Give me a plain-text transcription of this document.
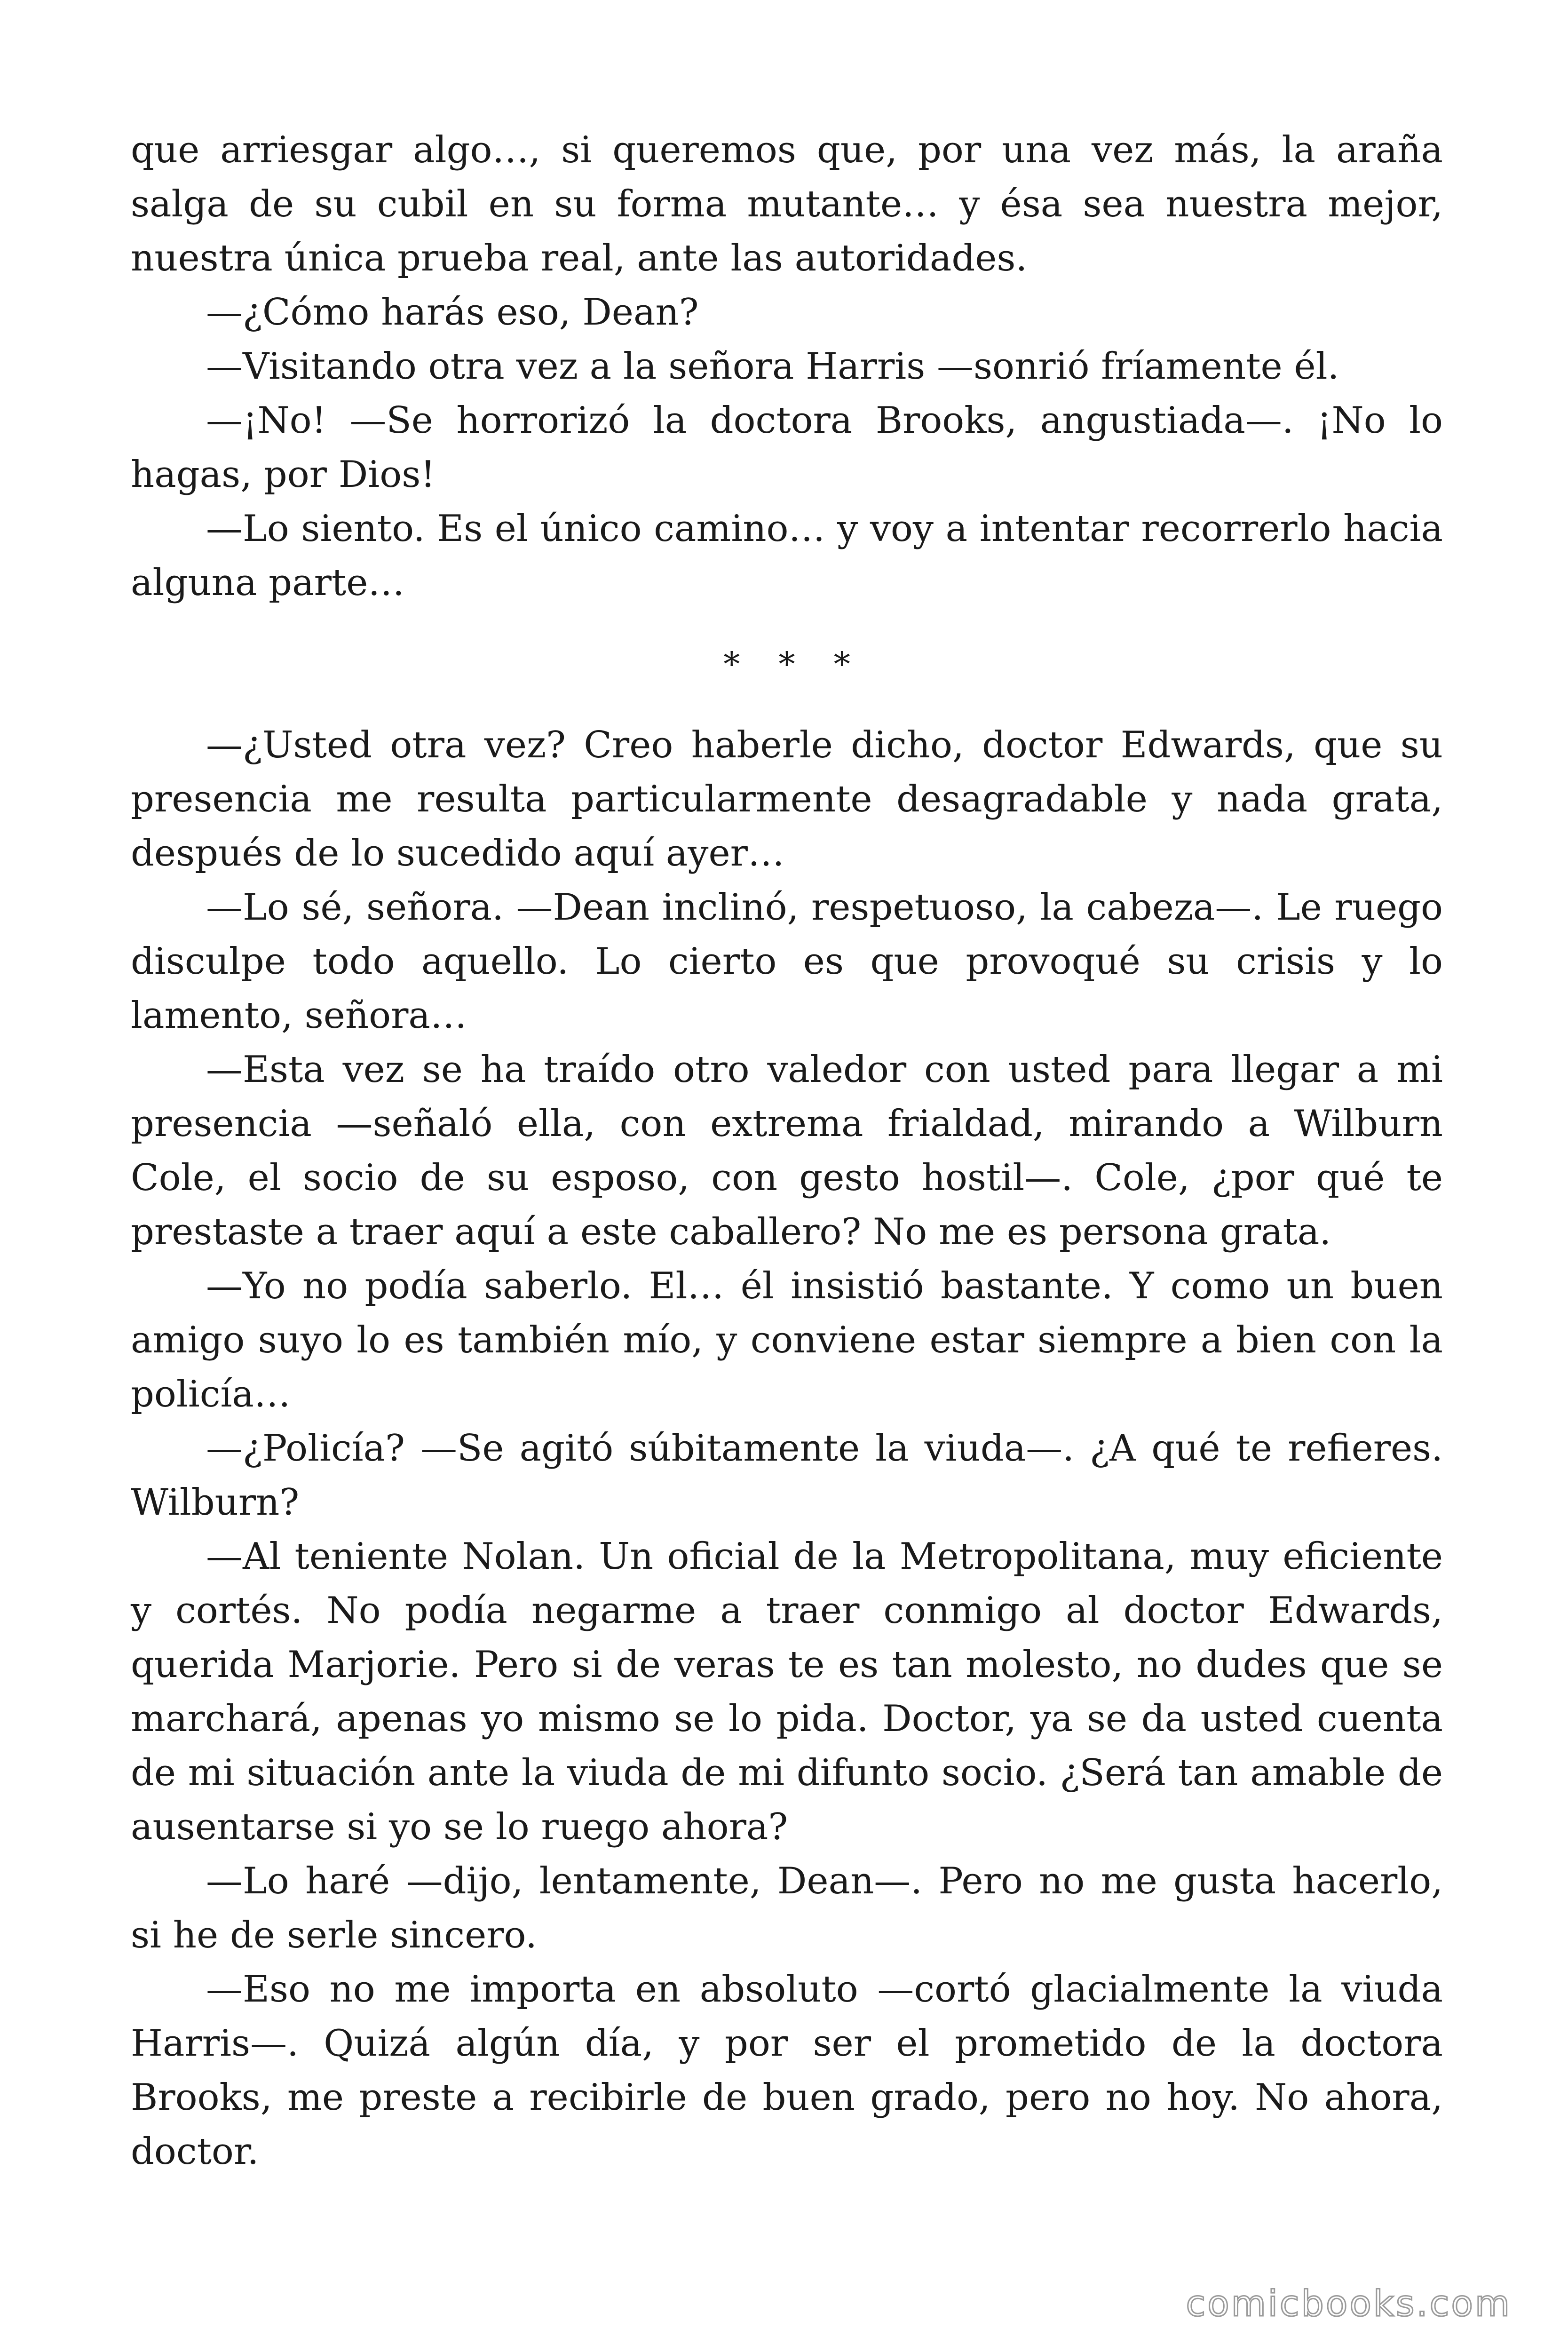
que arriesgar algo…, si queremos que, por una vez más, la araña salga de su cubil en su forma mutante… y ésa sea nuestra mejor, nuestra única prueba real, ante las autoridades.

—¿Cómo harás eso, Dean?

—Visitando otra vez a la señora Harris —sonrió fríamente él.

—¡No! —Se horrorizó la doctora Brooks, angustiada—. ¡No lo hagas, por Dios!

—Lo siento. Es el único camino… y voy a intentar recorrerlo hacia alguna parte…

* * *

—¿Usted otra vez? Creo haberle dicho, doctor Edwards, que su presencia me resulta particularmente desagradable y nada grata, después de lo sucedido aquí ayer…

—Lo sé, señora. —Dean inclinó, respetuoso, la cabeza—. Le ruego disculpe todo aquello. Lo cierto es que provoqué su crisis y lo lamento, señora…

—Esta vez se ha traído otro valedor con usted para llegar a mi presencia —señaló ella, con extrema frialdad, mirando a Wilburn Cole, el socio de su esposo, con gesto hostil—. Cole, ¿por qué te prestaste a traer aquí a este caballero? No me es persona grata.

—Yo no podía saberlo. El… él insistió bastante. Y como un buen amigo suyo lo es también mío, y conviene estar siempre a bien con la policía…

—¿Policía? —Se agitó súbitamente la viuda—. ¿A qué te refieres. Wilburn?

—Al teniente Nolan. Un oficial de la Metropolitana, muy eficiente y cortés. No podía negarme a traer conmigo al doctor Edwards, querida Marjorie. Pero si de veras te es tan molesto, no dudes que se marchará, apenas yo mismo se lo pida. Doctor, ya se da usted cuenta de mi situación ante la viuda de mi difunto socio. ¿Será tan amable de ausentarse si yo se lo ruego ahora?

—Lo haré —dijo, lentamente, Dean—. Pero no me gusta hacerlo, si he de serle sincero.

—Eso no me importa en absoluto —cortó glacialmente la viuda Harris—. Quizá algún día, y por ser el prometido de la doctora Brooks, me preste a recibirle de buen grado, pero no hoy. No ahora, doctor.

comicbooks.com
